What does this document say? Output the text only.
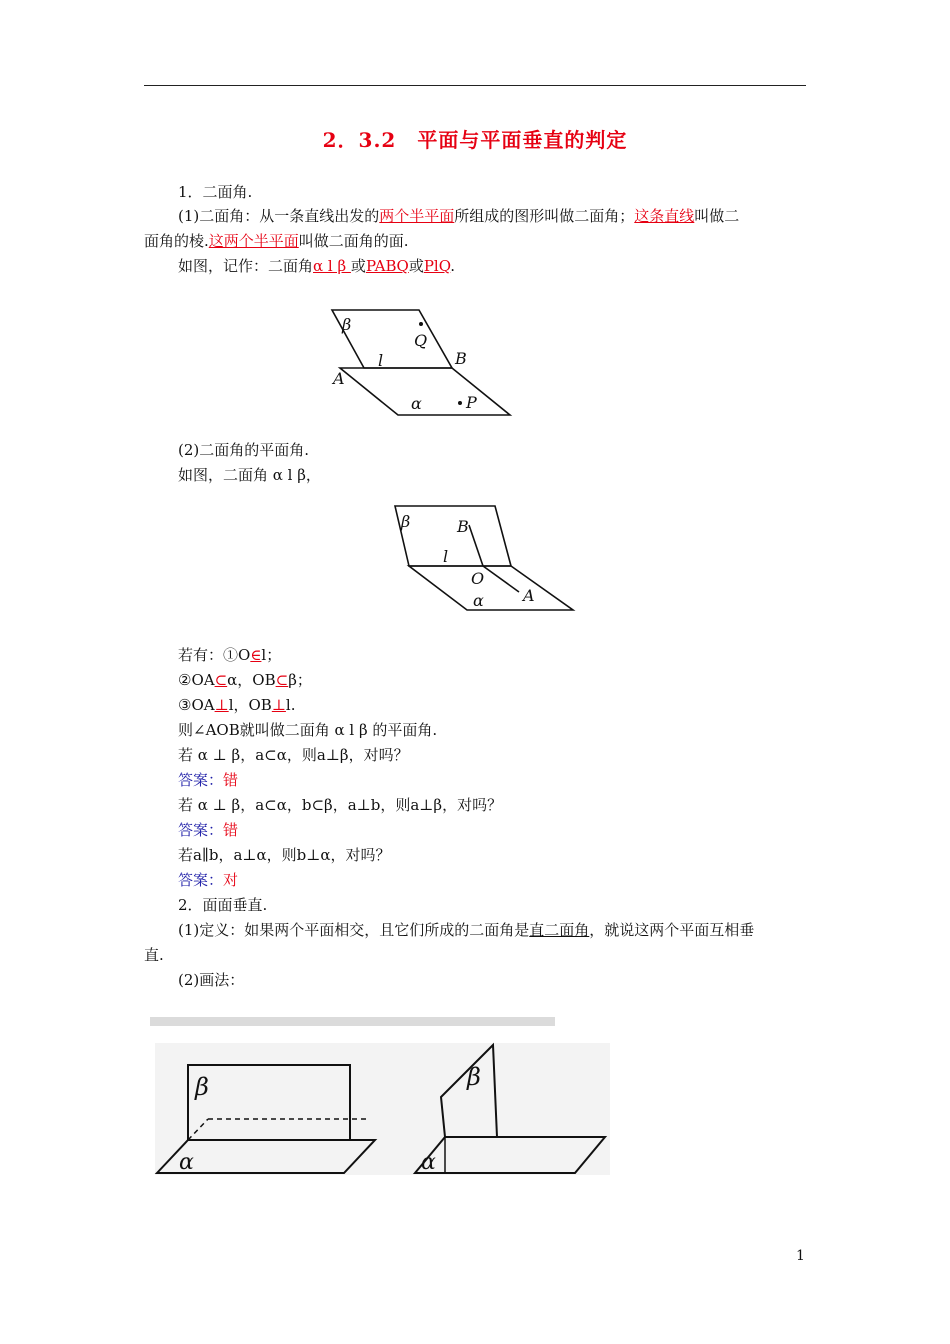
2．3.2　平面与平面垂直的判定
1．二面角.
(1)二面角：从一条直线出发的两个半平面所组成的图形叫做二面角；这条直线叫做二
面角的棱.这两个半平面叫做二面角的面.
如图，记作：二面角α l β 或PABQ或PlQ.
β
Q
l	B
A
α	P
(2)二面角的平面角.
如图，二面角 α l β，
β	B
l
O
A
α
若有：①O∈l；
②OA⊂α，OB⊂β；
③OA⊥l，OB⊥l.
则∠AOB就叫做二面角 α l β 的平面角.
若 α ⊥ β，a⊂α，则a⊥β，对吗？
答案：错
若 α ⊥ β，a⊂α，b⊂β，a⊥b，则a⊥β，对吗？
答案：错
若a∥b，a⊥α，则b⊥α，对吗？
答案：对
2．面面垂直.
(1)定义：如果两个平面相交，且它们所成的二面角是直二面角，就说这两个平面互相垂
直.
(2)画法：
β
α
β
α
1
